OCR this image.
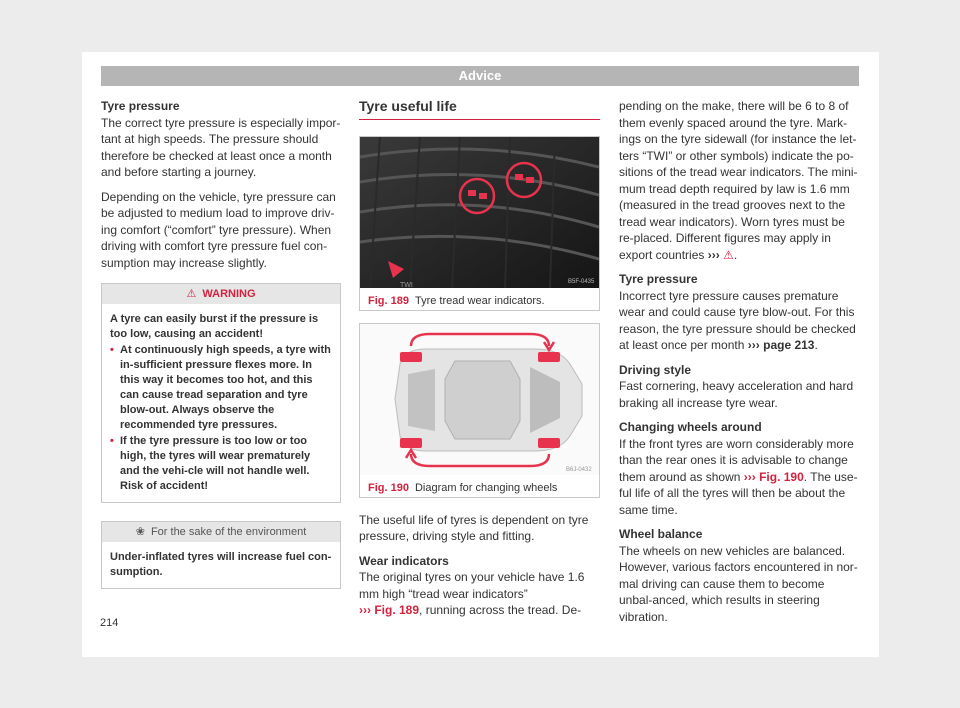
Advice
Tyre pressure

The correct tyre pressure is especially impor-tant at high speeds. The pressure should therefore be checked at least once a month and before starting a journey.

Depending on the vehicle, tyre pressure can be adjusted to medium load to improve driv-ing comfort (“comfort” tyre pressure). When driving with comfort tyre pressure fuel con-sumption may increase slightly.

⚠ WARNING
A tyre can easily burst if the pressure is too low, causing an accident!
• At continuously high speeds, a tyre with in-sufficient pressure flexes more. In this way it becomes too hot, and this can cause tread separation and tyre blow-out. Always observe the recommended tyre pressures.
• If the tyre pressure is too low or too high, the tyres will wear prematurely and the vehi-cle will not handle well. Risk of accident!
❀ For the sake of the environment
Under-inflated tyres will increase fuel con-sumption.
Tyre useful life
TWI	B5F-0435
Fig. 189 Tyre tread wear indicators.
B6J-0432
Fig. 190 Diagram for changing wheels

The useful life of tyres is dependent on tyre pressure, driving style and fitting.

Wear indicators

The original tyres on your vehicle have 1.6 mm high “tread wear indicators”
››› Fig. 189, running across the tread. De-

pending on the make, there will be 6 to 8 of them evenly spaced around the tyre. Mark-ings on the tyre sidewall (for instance the let-ters “TWI” or other symbols) indicate the po-sitions of the tread wear indicators. The mini-mum tread depth required by law is 1.6 mm (measured in the tread grooves next to the tread wear indicators). Worn tyres must be re-placed. Different figures may apply in export countries ››› ⚠.

Tyre pressure

Incorrect tyre pressure causes premature wear and could cause tyre blow-out. For this reason, the tyre pressure should be checked at least once per month ››› page 213.

Driving style

Fast cornering, heavy acceleration and hard braking all increase tyre wear.

Changing wheels around

If the front tyres are worn considerably more than the rear ones it is advisable to change them around as shown ››› Fig. 190. The use-ful life of all the tyres will then be about the same time.

Wheel balance

The wheels on new vehicles are balanced. However, various factors encountered in nor-mal driving can cause them to become unbal-anced, which results in steering vibration.

214
